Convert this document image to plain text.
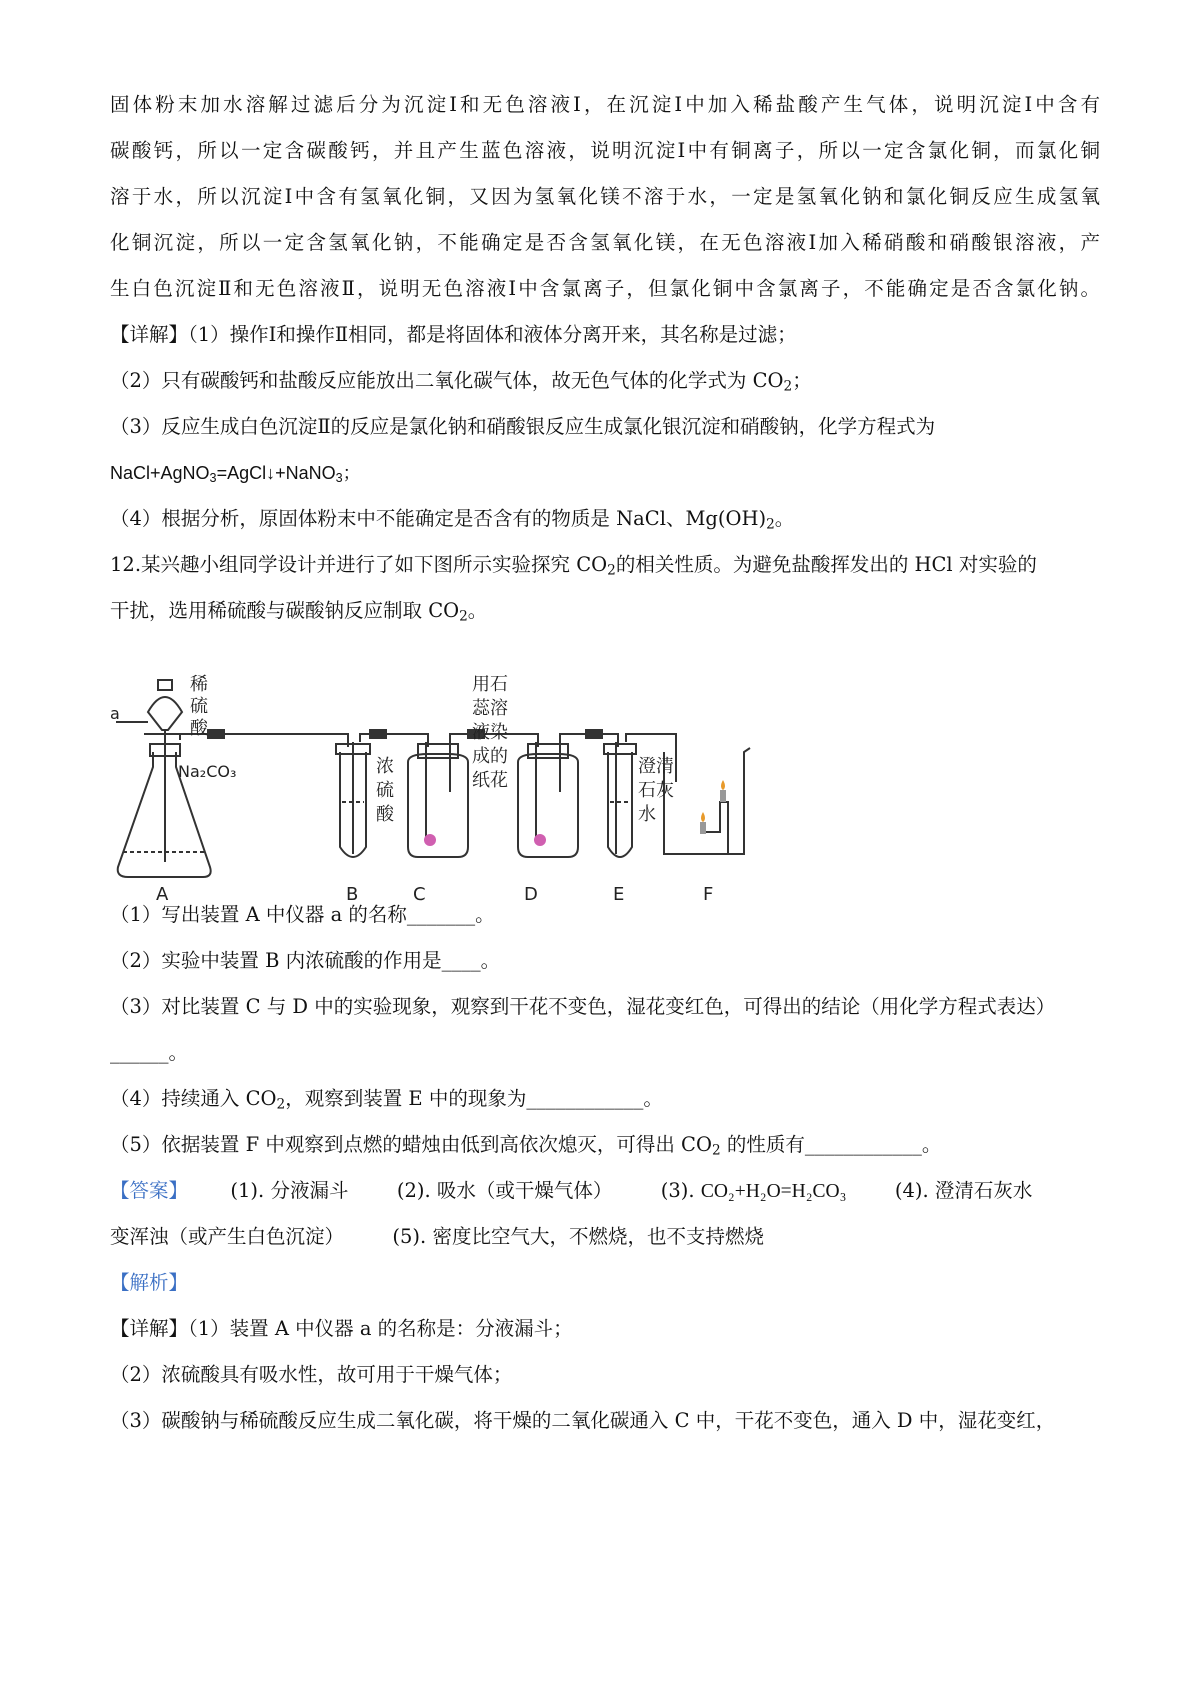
固体粉末加水溶解过滤后分为沉淀Ⅰ和无色溶液Ⅰ，在沉淀Ⅰ中加入稀盐酸产生气体，说明沉淀Ⅰ中含有
碳酸钙，所以一定含碳酸钙，并且产生蓝色溶液，说明沉淀Ⅰ中有铜离子，所以一定含氯化铜，而氯化铜
溶于水，所以沉淀Ⅰ中含有氢氧化铜，又因为氢氧化镁不溶于水，一定是氢氧化钠和氯化铜反应生成氢氧
化铜沉淀，所以一定含氢氧化钠，不能确定是否含氢氧化镁，在无色溶液Ⅰ加入稀硝酸和硝酸银溶液，产
生白色沉淀Ⅱ和无色溶液Ⅱ，说明无色溶液Ⅰ中含氯离子，但氯化铜中含氯离子，不能确定是否含氯化钠。
【详解】（1）操作Ⅰ和操作Ⅱ相同，都是将固体和液体分离开来，其名称是过滤；
（2）只有碳酸钙和盐酸反应能放出二氧化碳气体，故无色气体的化学式为 $CO_2$；
（3）反应生成白色沉淀Ⅱ的反应是氯化钠和硝酸银反应生成氯化银沉淀和硝酸钠，化学方程式为
NaCl+AgNO$_3$=AgCl↓+NaNO$_3$；
（4）根据分析，原固体粉末中不能确定是否含有的物质是 NaCl、$Mg(OH)_2$。
12.某兴趣小组同学设计并进行了如下图所示实验探究 $CO_2$的相关性质。为避免盐酸挥发出的 HCl 对实验的
干扰，选用稀硫酸与碳酸钠反应制取 $CO_2$。
a
稀
硫
酸
Na₂CO₃	浓
硫
酸
用石
蕊溶
液染
成的
纸花
澄清
石灰
水
A	B	C	D	E	F
（1）写出装置 A 中仪器 a 的名称_______。
（2）实验中装置 B 内浓硫酸的作用是____。
（3）对比装置 C 与 D 中的实验现象，观察到干花不变色，湿花变红色，可得出的结论（用化学方程式表达）
______。
（4）持续通入 $CO_2$，观察到装置 E 中的现象为____________。
（5）依据装置 F 中观察到点燃的蜡烛由低到高依次熄灭，可得出 $CO_2$ 的性质有____________。
【答案】 (1). 分液漏斗 (2). 吸水（或干燥气体） (3). CO₂+H₂O=H₂CO₃ (4). 澄清石灰水
变浑浊（或产生白色沉淀） (5). 密度比空气大，不燃烧，也不支持燃烧
【解析】
【详解】（1）装置 A 中仪器 a 的名称是：分液漏斗；
（2）浓硫酸具有吸水性，故可用于干燥气体；
（3）碳酸钠与稀硫酸反应生成二氧化碳，将干燥的二氧化碳通入 C 中，干花不变色，通入 D 中，湿花变红，
